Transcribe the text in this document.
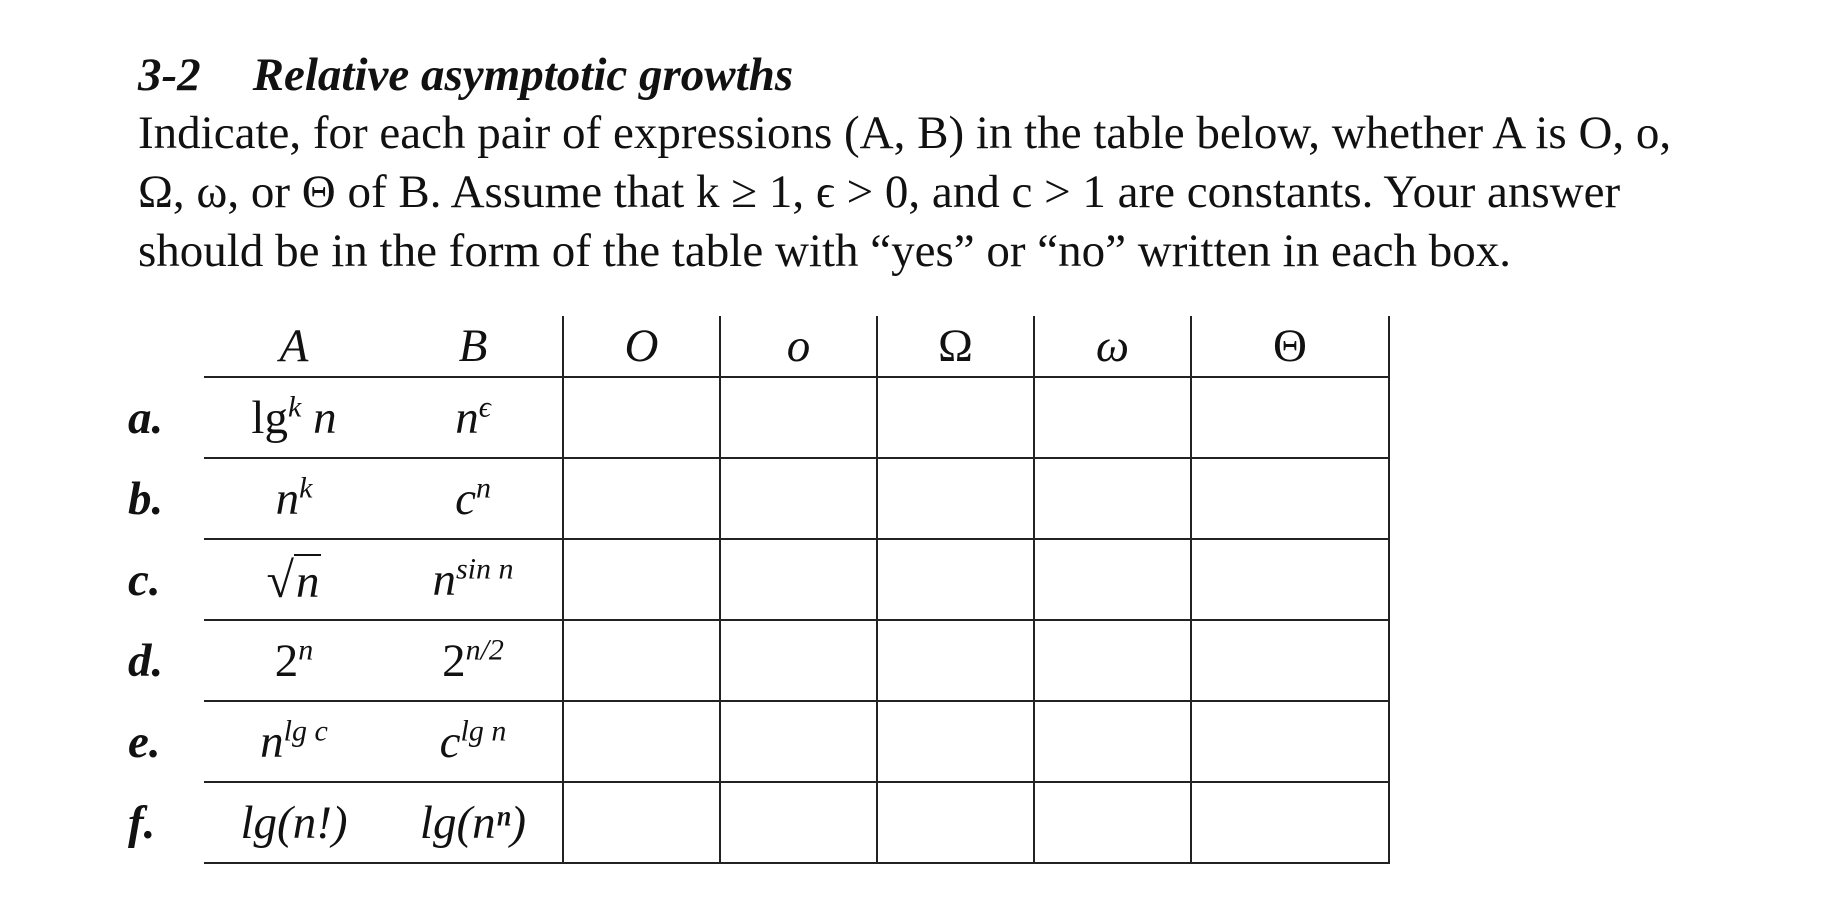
3-2 Relative asymptotic growths
Indicate, for each pair of expressions (A, B) in the table below, whether A is O, o,
Ω, ω, or Θ of B. Assume that k ≥ 1, ϵ > 0, and c > 1 are constants. Your answer
should be in the form of the table with “yes” or “no” written in each box.
	A	B	O	o	Ω	ω	Θ
a.	$\lg^k n$	$n^\epsilon$					
b.	$n^k$	$c^n$					
c.	√n	$n^{sin n}$					
d.	2$^n$	$2^{n/2}$					
e.	$n^{lg c}$	$c^{lg n}$					
f.	lg(n!)	lg(nⁿ)					
